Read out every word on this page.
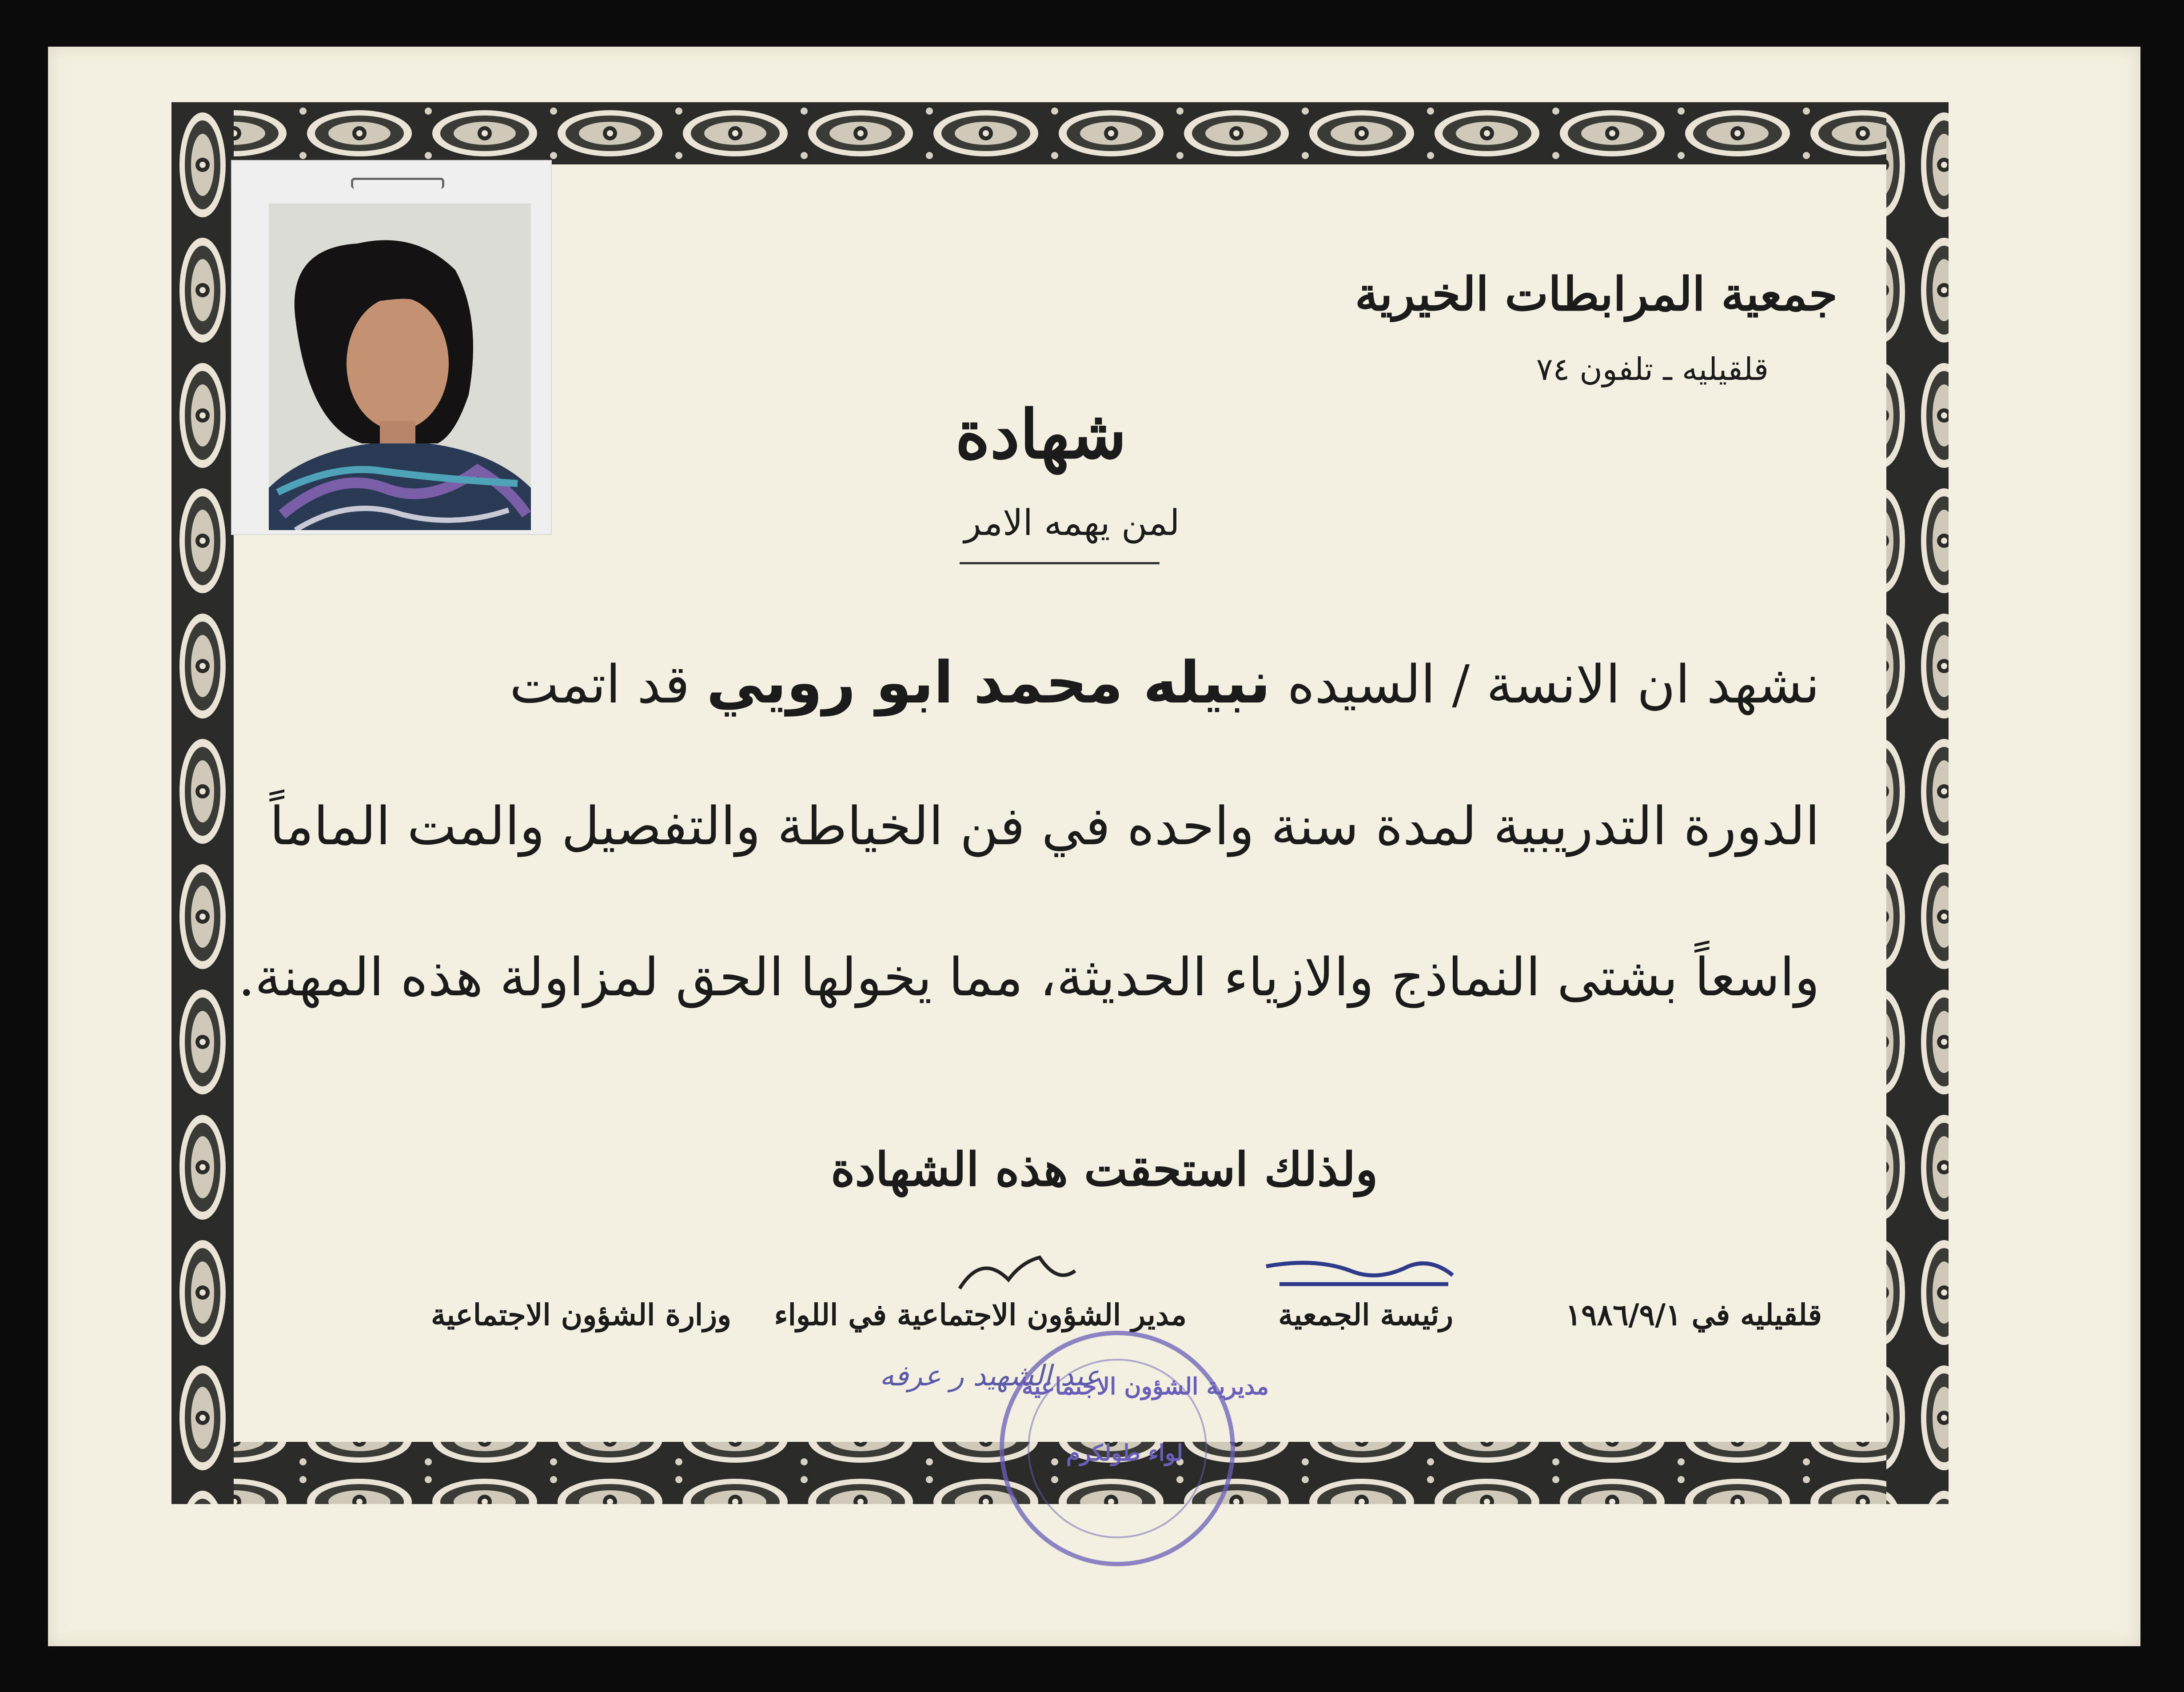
جمعية المرابطات الخيرية
قلقيليه ـ تلفون ٧٤
شهادة
لمن يهمه الامر
نشهد ان الانسة / السيده نبيله محمد ابو رويي قد اتمت
الدورة التدريبية لمدة سنة واحده في فن الخياطة والتفصيل والمت الماماً
واسعاً بشتى النماذج والازياء الحديثة، مما يخولها الحق لمزاولة هذه المهنة.
ولذلك استحقت هذه الشهادة
قلقيليه في ١٩٨٦/٩/١
رئيسة الجمعية
مدير الشؤون الاجتماعية في اللواء
وزارة الشؤون الاجتماعية
عبد الشهيد ر عرفه
مديرية الشؤون الاجتماعية
لواء طولكرم
